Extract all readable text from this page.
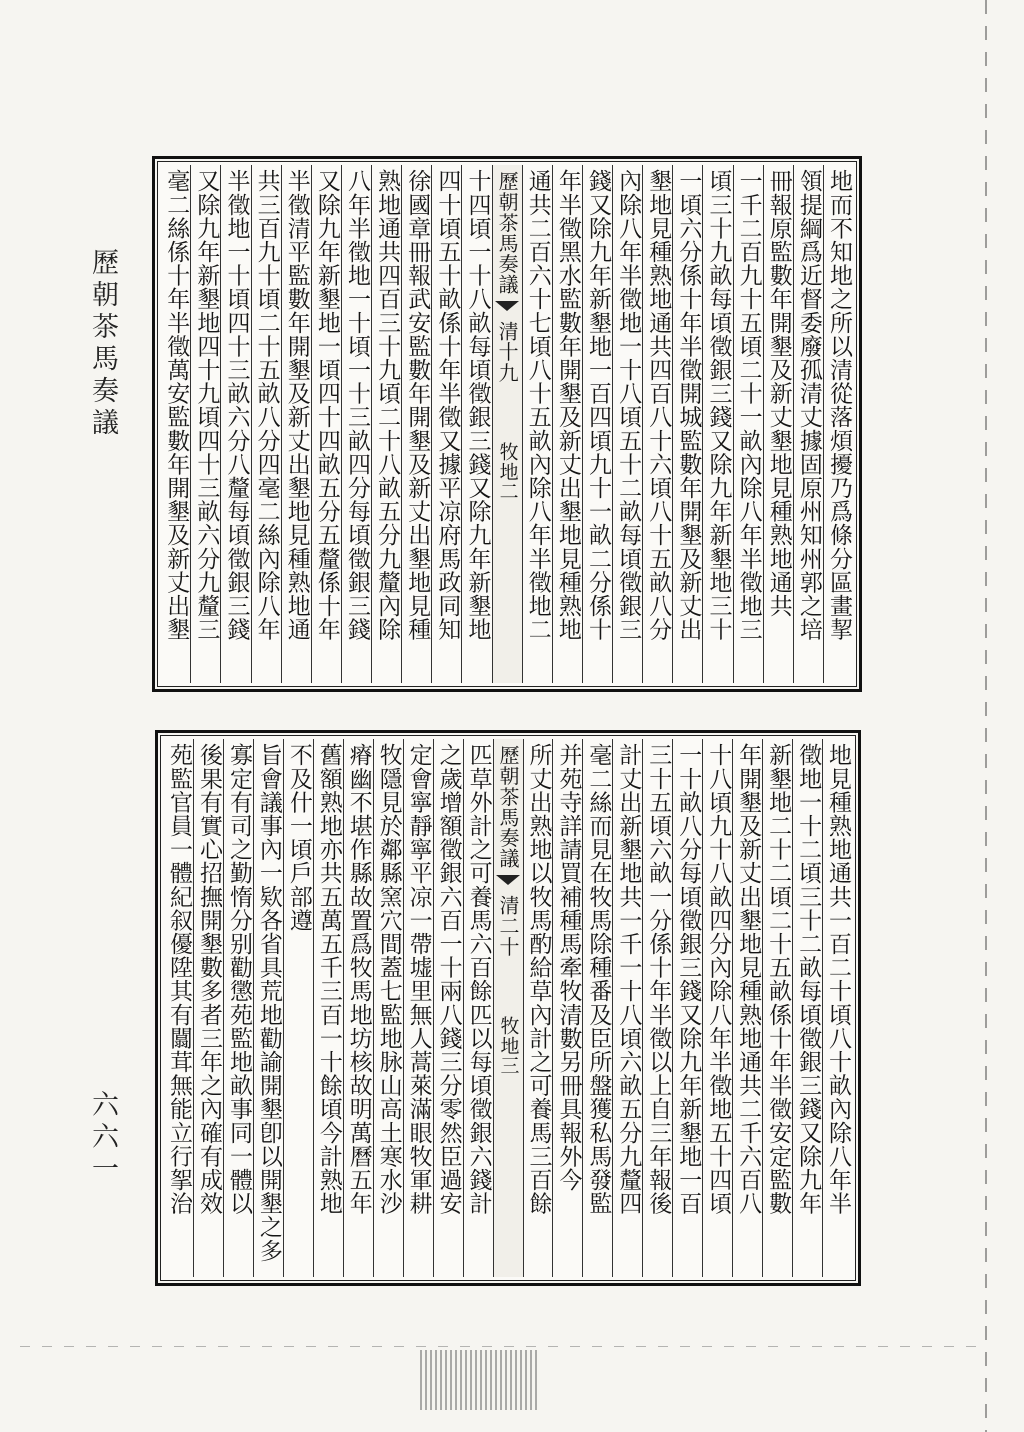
歷朝茶馬奏議
六六一
地而不知地之所以清從落煩擾乃爲條分區畫挈
領提綱爲近督委廢孤清丈據固原州知州郭之培
冊報原監數年開墾及新丈墾地見種熟地通共
一千二百九十五頃二十一畝內除八年半徵地三
頃三十九畝每頃徵銀三錢又除九年新墾地三十
一頃六分係十年半徵開城監數年開墾及新丈出
墾地見種熟地通共四百八十六頃八十五畝八分
內除八年半徵地一十八頃五十二畝每頃徵銀三
錢又除九年新墾地一百四頃九十一畝二分係十
年半徵黑水監數年開墾及新丈出墾地見種熟地
通共二百六十七頃八十五畝內除八年半徵地二
歷朝茶馬奏議
清十九
牧地二
十四頃一十八畝每頃徵銀三錢又除九年新墾地
四十頃五十畝係十年半徵又據平凉府馬政同知
徐國章冊報武安監數年開墾及新丈出墾地見種
熟地通共四百三十九頃二十八畝五分九釐內除
八年半徵地一十頃一十三畝四分每頃徵銀三錢
又除九年新墾地一頃四十四畝五分五釐係十年
半徵清平監數年開墾及新丈出墾地見種熟地通
共三百九十頃二十五畝八分四毫二絲內除八年
半徵地一十頃四十三畝六分八釐每頃徵銀三錢
又除九年新墾地四十九頃四十三畝六分九釐三
毫二絲係十年半徵萬安監數年開墾及新丈出墾
地見種熟地通共一百二十頃八十畝內除八年半
徵地一十二頃三十二畝每頃徵銀三錢又除九年
新墾地二十二頃二十五畝係十年半徵安定監數
年開墾及新丈出墾地見種熟地通共二千六百八
十八頃九十八畝四分內除八年半徵地五十四頃
一十畝八分每頃徵銀三錢又除九年新墾地一百
三十五頃六畝一分係十年半徵以上自三年報後
計丈出新墾地共一千一十八頃六畝五分九釐四
毫二絲而見在牧馬除種番及臣所盤獲私馬發監
并苑寺詳請買補種馬牽牧清數另冊具報外今
所丈出熟地以牧馬酌給草內計之可養馬三百餘
歷朝茶馬奏議
清二十
牧地三
匹草外計之可養馬六百餘匹以每頃徵銀六錢計
之歲增額徵銀六百一十兩八錢三分零然臣過安
定會寧靜寧平凉一帶墟里無人蒿萊滿眼牧軍耕
牧隱見於鄰縣窯穴間蓋七監地脉山高土寒水沙
瘠幽不堪作縣故置爲牧馬地坊核故明萬曆五年
舊額熟地亦共五萬五千三百一十餘頃今計熟地
不及什一頃戶部遵
旨會議事內一欵各省具荒地勸諭開墾卽以開墾之多
寡定有司之勤惰分别勸懲苑監地畝事同一體以
後果有實心招撫開墾數多者三年之內確有成效
苑監官員一體紀叙優陞其有闒茸無能立行挐治
